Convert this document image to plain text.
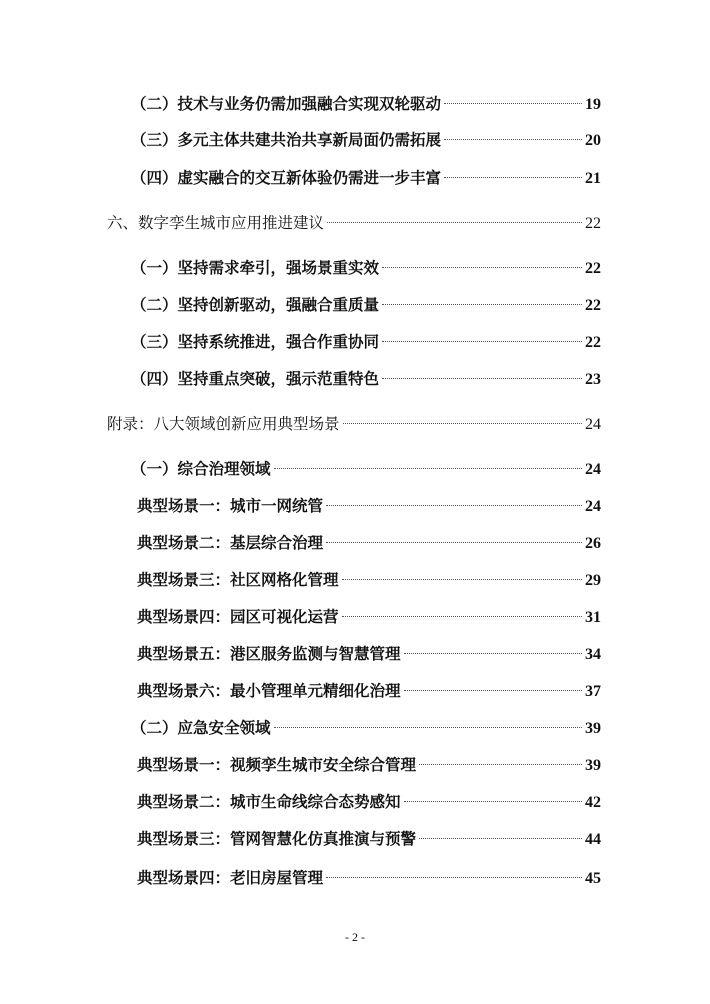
（二）技术与业务仍需加强融合实现双轮驱动	19
（三）多元主体共建共治共享新局面仍需拓展	20
（四）虚实融合的交互新体验仍需进一步丰富	21
六、数字孪生城市应用推进建议	22
（一）坚持需求牵引，强场景重实效	22
（二）坚持创新驱动，强融合重质量	22
（三）坚持系统推进，强合作重协同	22
（四）坚持重点突破，强示范重特色	23
附录：八大领域创新应用典型场景	24
（一）综合治理领域	24
典型场景一：城市一网统管	24
典型场景二：基层综合治理	26
典型场景三：社区网格化管理	29
典型场景四：园区可视化运营	31
典型场景五：港区服务监测与智慧管理	34
典型场景六：最小管理单元精细化治理	37
（二）应急安全领域	39
典型场景一：视频孪生城市安全综合管理	39
典型场景二：城市生命线综合态势感知	42
典型场景三：管网智慧化仿真推演与预警	44
典型场景四：老旧房屋管理	45
- 2 -
